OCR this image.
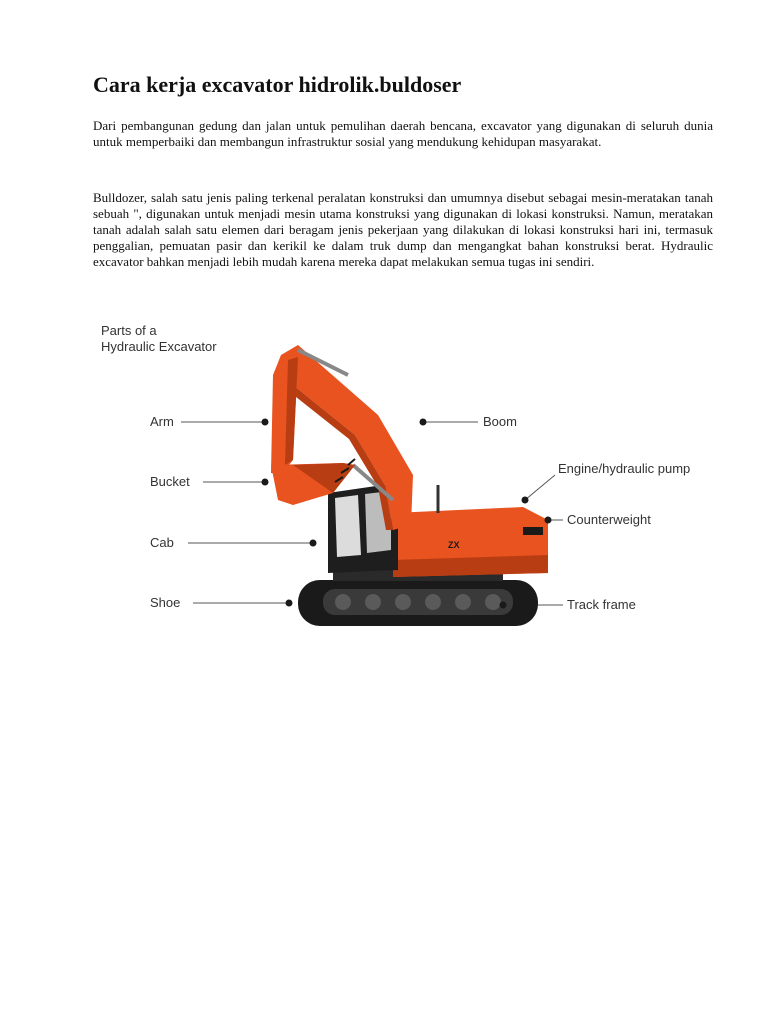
Cara kerja excavator hidrolik.buldoser

Dari pembangunan gedung dan jalan untuk pemulihan daerah bencana, excavator yang digunakan di seluruh dunia untuk memperbaiki dan membangun infrastruktur sosial yang mendukung kehidupan masyarakat.

Bulldozer, salah satu jenis paling terkenal peralatan konstruksi dan umumnya disebut sebagai mesin-meratakan tanah sebuah ", digunakan untuk menjadi mesin utama konstruksi yang digunakan di lokasi konstruksi. Namun, meratakan tanah adalah salah satu elemen dari beragam jenis pekerjaan yang dilakukan di lokasi konstruksi hari ini, termasuk penggalian, pemuatan pasir dan kerikil ke dalam truk dump dan mengangkat bahan konstruksi berat. Hydraulic excavator bahkan menjadi lebih mudah karena mereka dapat melakukan semua tugas ini sendiri.

Parts of a
Hydraulic Excavator
ZX
Arm
Bucket
Cab
Shoe
Boom
Engine/hydraulic pump
Counterweight
Track frame
